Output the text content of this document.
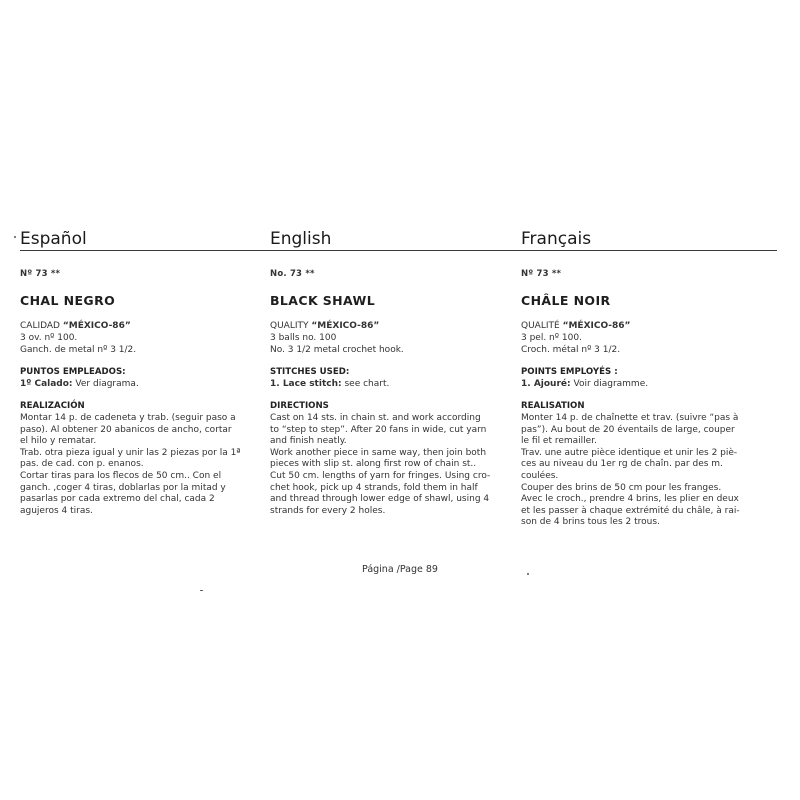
Español
Nº 73 **
CHAL NEGRO
CALIDAD “MÉXICO-86”
3 ov. nº 100.
Ganch. de metal nº 3 1/2.
PUNTOS EMPLEADOS:
1º Calado: Ver diagrama.
REALIZACIÓN
Montar 14 p. de cadeneta y trab. (seguir paso a
paso). Al obtener 20 abanicos de ancho, cortar
el hilo y rematar.
Trab. otra pieza igual y unir las 2 piezas por la 1ª
pas. de cad. con p. enanos.
Cortar tiras para los flecos de 50 cm.. Con el
ganch. ,coger 4 tiras, doblarlas por la mitad y
pasarlas por cada extremo del chal, cada 2
agujeros 4 tiras.
English
No. 73 **
BLACK SHAWL
QUALITY “MÉXICO-86”
3 balls no. 100
No. 3 1/2 metal crochet hook.
STITCHES USED:
1. Lace stitch: see chart.
DIRECTIONS
Cast on 14 sts. in chain st. and work according
to “step to step”. After 20 fans in wide, cut yarn
and finish neatly.
Work another piece in same way, then join both
pieces with slip st. along first row of chain st..
Cut 50 cm. lengths of yarn for fringes. Using cro-
chet hook, pick up 4 strands, fold them in half
and thread through lower edge of shawl, using 4
strands for every 2 holes.
Français
Nº 73 **
CHÂLE NOIR
QUALITÉ “MÉXICO-86”
3 pel. nº 100.
Croch. métal nº 3 1/2.
POINTS EMPLOYÉS :
1. Ajouré: Voir diagramme.
REALISATION
Monter 14 p. de chaînette et trav. (suivre “pas à
pas”). Au bout de 20 éventails de large, couper
le fil et remailler.
Trav. une autre pièce identique et unir les 2 piè-
ces au niveau du 1er rg de chaîn. par des m.
coulées.
Couper des brins de 50 cm pour les franges.
Avec le croch., prendre 4 brins, les plier en deux
et les passer à chaque extrémité du châle, à rai-
son de 4 brins tous les 2 trous.
Página /Page 89
